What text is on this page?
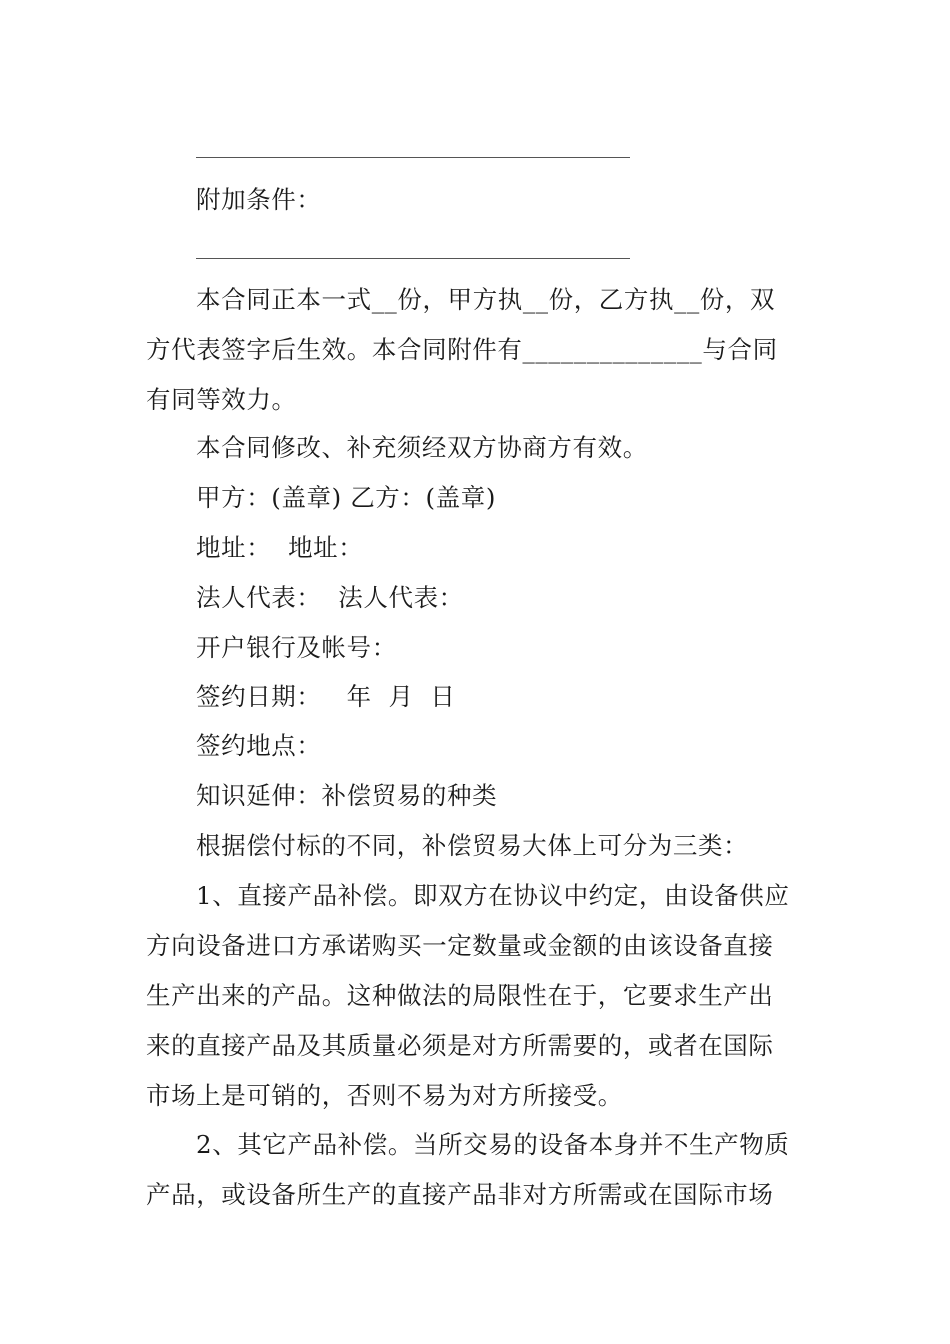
附加条件：
本合同正本一式__份，甲方执__份，乙方执__份，双
方代表签字后生效。本合同附件有______________与合同
有同等效力。
本合同修改、补充须经双方协商方有效。
甲方：(盖章) 乙方：(盖章)
地址：  地址：
法人代表：  法人代表：
开户银行及帐号：
签约日期：   年  月  日
签约地点：
知识延伸：补偿贸易的种类
根据偿付标的不同，补偿贸易大体上可分为三类：
1、直接产品补偿。即双方在协议中约定，由设备供应
方向设备进口方承诺购买一定数量或金额的由该设备直接
生产出来的产品。这种做法的局限性在于，它要求生产出
来的直接产品及其质量必须是对方所需要的，或者在国际
市场上是可销的，否则不易为对方所接受。
2、其它产品补偿。当所交易的设备本身并不生产物质
产品，或设备所生产的直接产品非对方所需或在国际市场
